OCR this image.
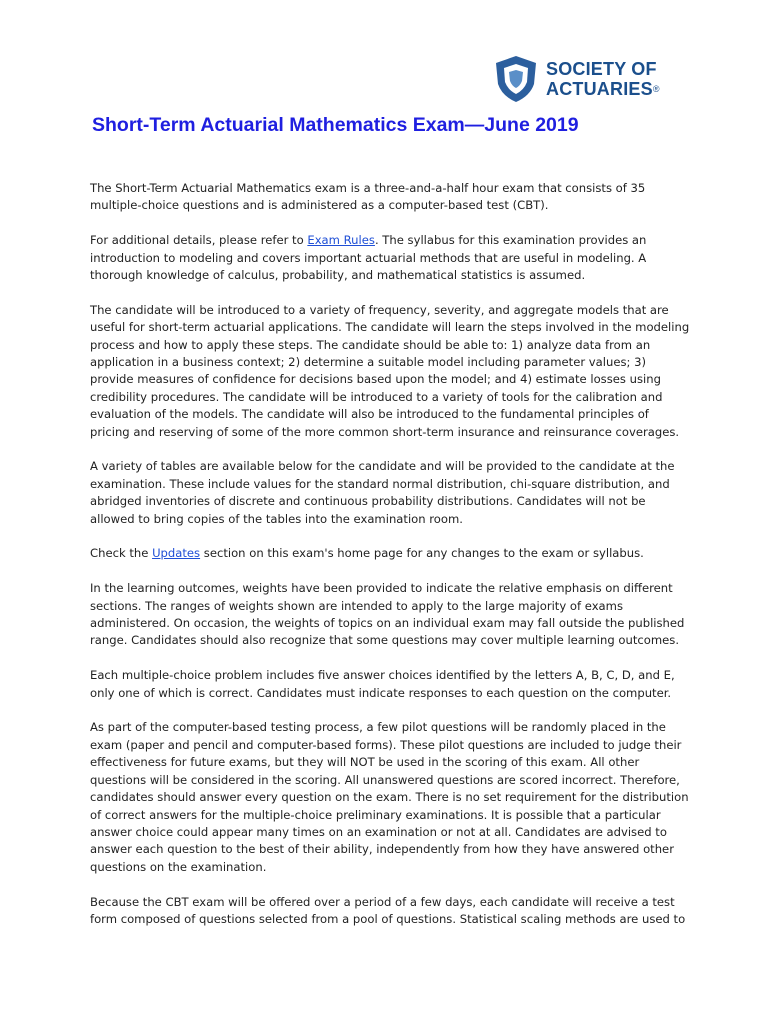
SOCIETY OF
ACTUARIES®
Short-Term Actuarial Mathematics Exam—June 2019

The Short-Term Actuarial Mathematics exam is a three-and-a-half hour exam that consists of 35 multiple-choice questions and is administered as a computer-based test (CBT).

For additional details, please refer to Exam Rules. The syllabus for this examination provides an introduction to modeling and covers important actuarial methods that are useful in modeling. A thorough knowledge of calculus, probability, and mathematical statistics is assumed.

The candidate will be introduced to a variety of frequency, severity, and aggregate models that are useful for short-term actuarial applications. The candidate will learn the steps involved in the modeling process and how to apply these steps. The candidate should be able to: 1) analyze data from an application in a business context; 2) determine a suitable model including parameter values; 3) provide measures of confidence for decisions based upon the model; and 4) estimate losses using credibility procedures. The candidate will be introduced to a variety of tools for the calibration and evaluation of the models. The candidate will also be introduced to the fundamental principles of pricing and reserving of some of the more common short-term insurance and reinsurance coverages.

A variety of tables are available below for the candidate and will be provided to the candidate at the examination. These include values for the standard normal distribution, chi-square distribution, and abridged inventories of discrete and continuous probability distributions. Candidates will not be allowed to bring copies of the tables into the examination room.

Check the Updates section on this exam's home page for any changes to the exam or syllabus.

In the learning outcomes, weights have been provided to indicate the relative emphasis on different sections. The ranges of weights shown are intended to apply to the large majority of exams administered. On occasion, the weights of topics on an individual exam may fall outside the published range. Candidates should also recognize that some questions may cover multiple learning outcomes.

Each multiple-choice problem includes five answer choices identified by the letters A, B, C, D, and E, only one of which is correct. Candidates must indicate responses to each question on the computer.

As part of the computer-based testing process, a few pilot questions will be randomly placed in the exam (paper and pencil and computer-based forms). These pilot questions are included to judge their effectiveness for future exams, but they will NOT be used in the scoring of this exam. All other questions will be considered in the scoring. All unanswered questions are scored incorrect. Therefore, candidates should answer every question on the exam. There is no set requirement for the distribution of correct answers for the multiple-choice preliminary examinations. It is possible that a particular answer choice could appear many times on an examination or not at all. Candidates are advised to answer each question to the best of their ability, independently from how they have answered other questions on the examination.

Because the CBT exam will be offered over a period of a few days, each candidate will receive a test form composed of questions selected from a pool of questions. Statistical scaling methods are used to
